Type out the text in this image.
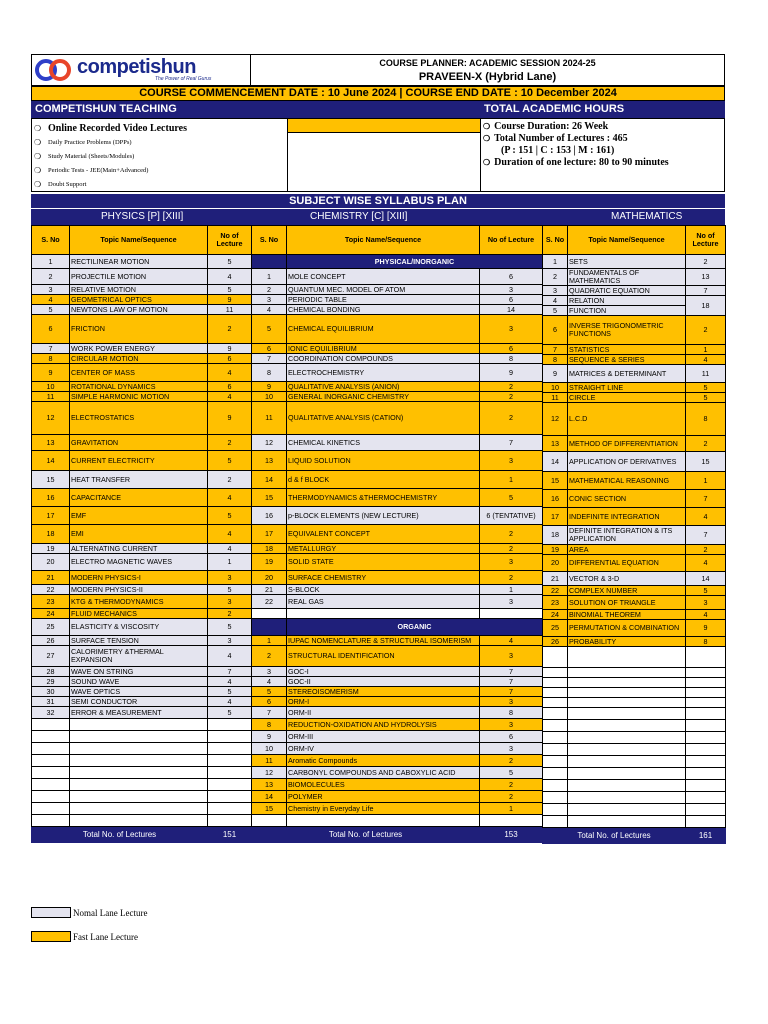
competishun
The Power of Real Gurus
COURSE PLANNER: ACADEMIC SESSION 2024-25
PRAVEEN-X (Hybrid Lane)
COURSE COMMENCEMENT DATE : 10 June 2024 | COURSE END DATE : 10 December 2024
COMPETISHUN TEACHING	TOTAL ACADEMIC HOURS
❍ Online Recorded Video Lectures
❍	Daily Practice Problems (DPPs)
❍	Study Material (Sheets/Modules)
❍	Periodic Tests - JEE(Main+Advanced)
❍	Doubt Support
❍ Course Duration: 26 Week
❍ Total Number of Lectures : 465
(P : 151 | C : 153 | M : 161)
❍ Duration of one lecture: 80 to 90 minutes
SUBJECT WISE SYLLABUS PLAN
PHYSICS [P] [XIII]	CHEMISTRY [C] [XIII]	MATHEMATICS
S. No	Topic Name/Sequence	No of Lecture
1	RECTILINEAR MOTION	5
2	PROJECTILE MOTION	4
3	RELATIVE MOTION	5
4	GEOMETRICAL OPTICS	9
5	NEWTONS LAW OF MOTION	11
6	FRICTION	2
7	WORK POWER ENERGY	9
8	CIRCULAR MOTION	6
9	CENTER OF MASS	4
10	ROTATIONAL DYNAMICS	6
11	SIMPLE HARMONIC MOTION	4
12	ELECTROSTATICS	9
13	GRAVITATION	2
14	CURRENT ELECTRICITY	5
15	HEAT TRANSFER	2
16	CAPACITANCE	4
17	EMF	5
18	EMI	4
19	ALTERNATING CURRENT	4
20	ELECTRO MAGNETIC WAVES	1
21	MODERN PHYSICS-I	3
22	MODERN PHYSICS-II	5
23	KTG & THERMODYNAMICS	3
24	FLUID MECHANICS	2
25	ELASTICITY & VISCOSITY	5
26	SURFACE TENSION	3
27	CALORIMETRY &THERMAL EXPANSION	4
28	WAVE ON STRING	7
29	SOUND WAVE	4
30	WAVE OPTICS	5
31	SEMI CONDUCTOR	4
32	ERROR & MEASUREMENT	5

Total No. of Lectures		151
S. No	Topic Name/Sequence	No of Lecture
	PHYSICAL/INORGANIC	
1	MOLE CONCEPT	6
2	QUANTUM MEC. MODEL OF ATOM	3
3	PERIODIC TABLE	6
4	CHEMICAL BONDING	14
5	CHEMICAL EQUILIBRIUM	3
6	IONIC EQUILIBRIUM	6
7	COORDINATION COMPOUNDS	8
8	ELECTROCHEMISTRY	9
9	QUALITATIVE ANALYSIS (ANION)	2
10	GENERAL INORGANIC CHEMISTRY	2
11	QUALITATIVE ANALYSIS (CATION)	2
12	CHEMICAL KINETICS	7
13	LIQUID SOLUTION	3
14	d & f BLOCK	1
15	THERMODYNAMICS &THERMOCHEMISTRY	5
16	p-BLOCK ELEMENTS (NEW LECTURE)	6 (TENTATIVE)
17	EQUIVALENT CONCEPT	2
18	METALLURGY	2
19	SOLID STATE	3
20	SURFACE CHEMISTRY	2
21	S-BLOCK	1
22	REAL GAS	3

	ORGANIC	
1	IUPAC NOMENCLATURE & STRUCTURAL ISOMERISM	4
2	STRUCTURAL IDENTIFICATION	3
3	GOC-I	7
4	GOC-II	7
5	STEREOISOMERISM	7
6	ORM-I	3
7	ORM-II	8
8	REDUCTION-OXIDATION AND HYDROLYSIS	3
9	ORM-III	6
10	ORM-IV	3
11	Aromatic Compounds	2
12	CARBONYL COMPOUNDS AND CABOXYLIC ACID	5
13	BIOMOLECULES	2
14	POLYMER	2
15	Chemistry in Everyday Life	1

Total No. of Lectures		153
S. No	Topic Name/Sequence	No of Lecture
1	SETS	2
2	FUNDAMENTALS OF MATHEMATICS	13
3	QUADRATIC EQUATION	7
4	RELATION	18
5	FUNCTION	
6	INVERSE TRIGONOMETRIC FUNCTIONS	2
7	STATISTICS	1
8	SEQUENCE & SERIES	4
9	MATRICES & DETERMINANT	11
10	STRAIGHT LINE	5
11	CIRCLE	5
12	L.C.D	8
13	METHOD OF DIFFERENTIATION	2
14	APPLICATION OF DERIVATIVES	15
15	MATHEMATICAL REASONING	1
16	CONIC SECTION	7
17	INDEFINITE INTEGRATION	4
18	DEFINITE INTEGRATION & ITS APPLICATION	7
19	AREA	2
20	DIFFERENTIAL EQUATION	4
21	VECTOR & 3-D	14
22	COMPLEX NUMBER	5
23	SOLUTION OF TRIANGLE	3
24	BINOMIAL THEOREM	4
25	PERMUTATION & COMBINATION	9
26	PROBABILITY	8

Total No. of Lectures		161
Nomal Lane Lecture
Fast Lane Lecture
